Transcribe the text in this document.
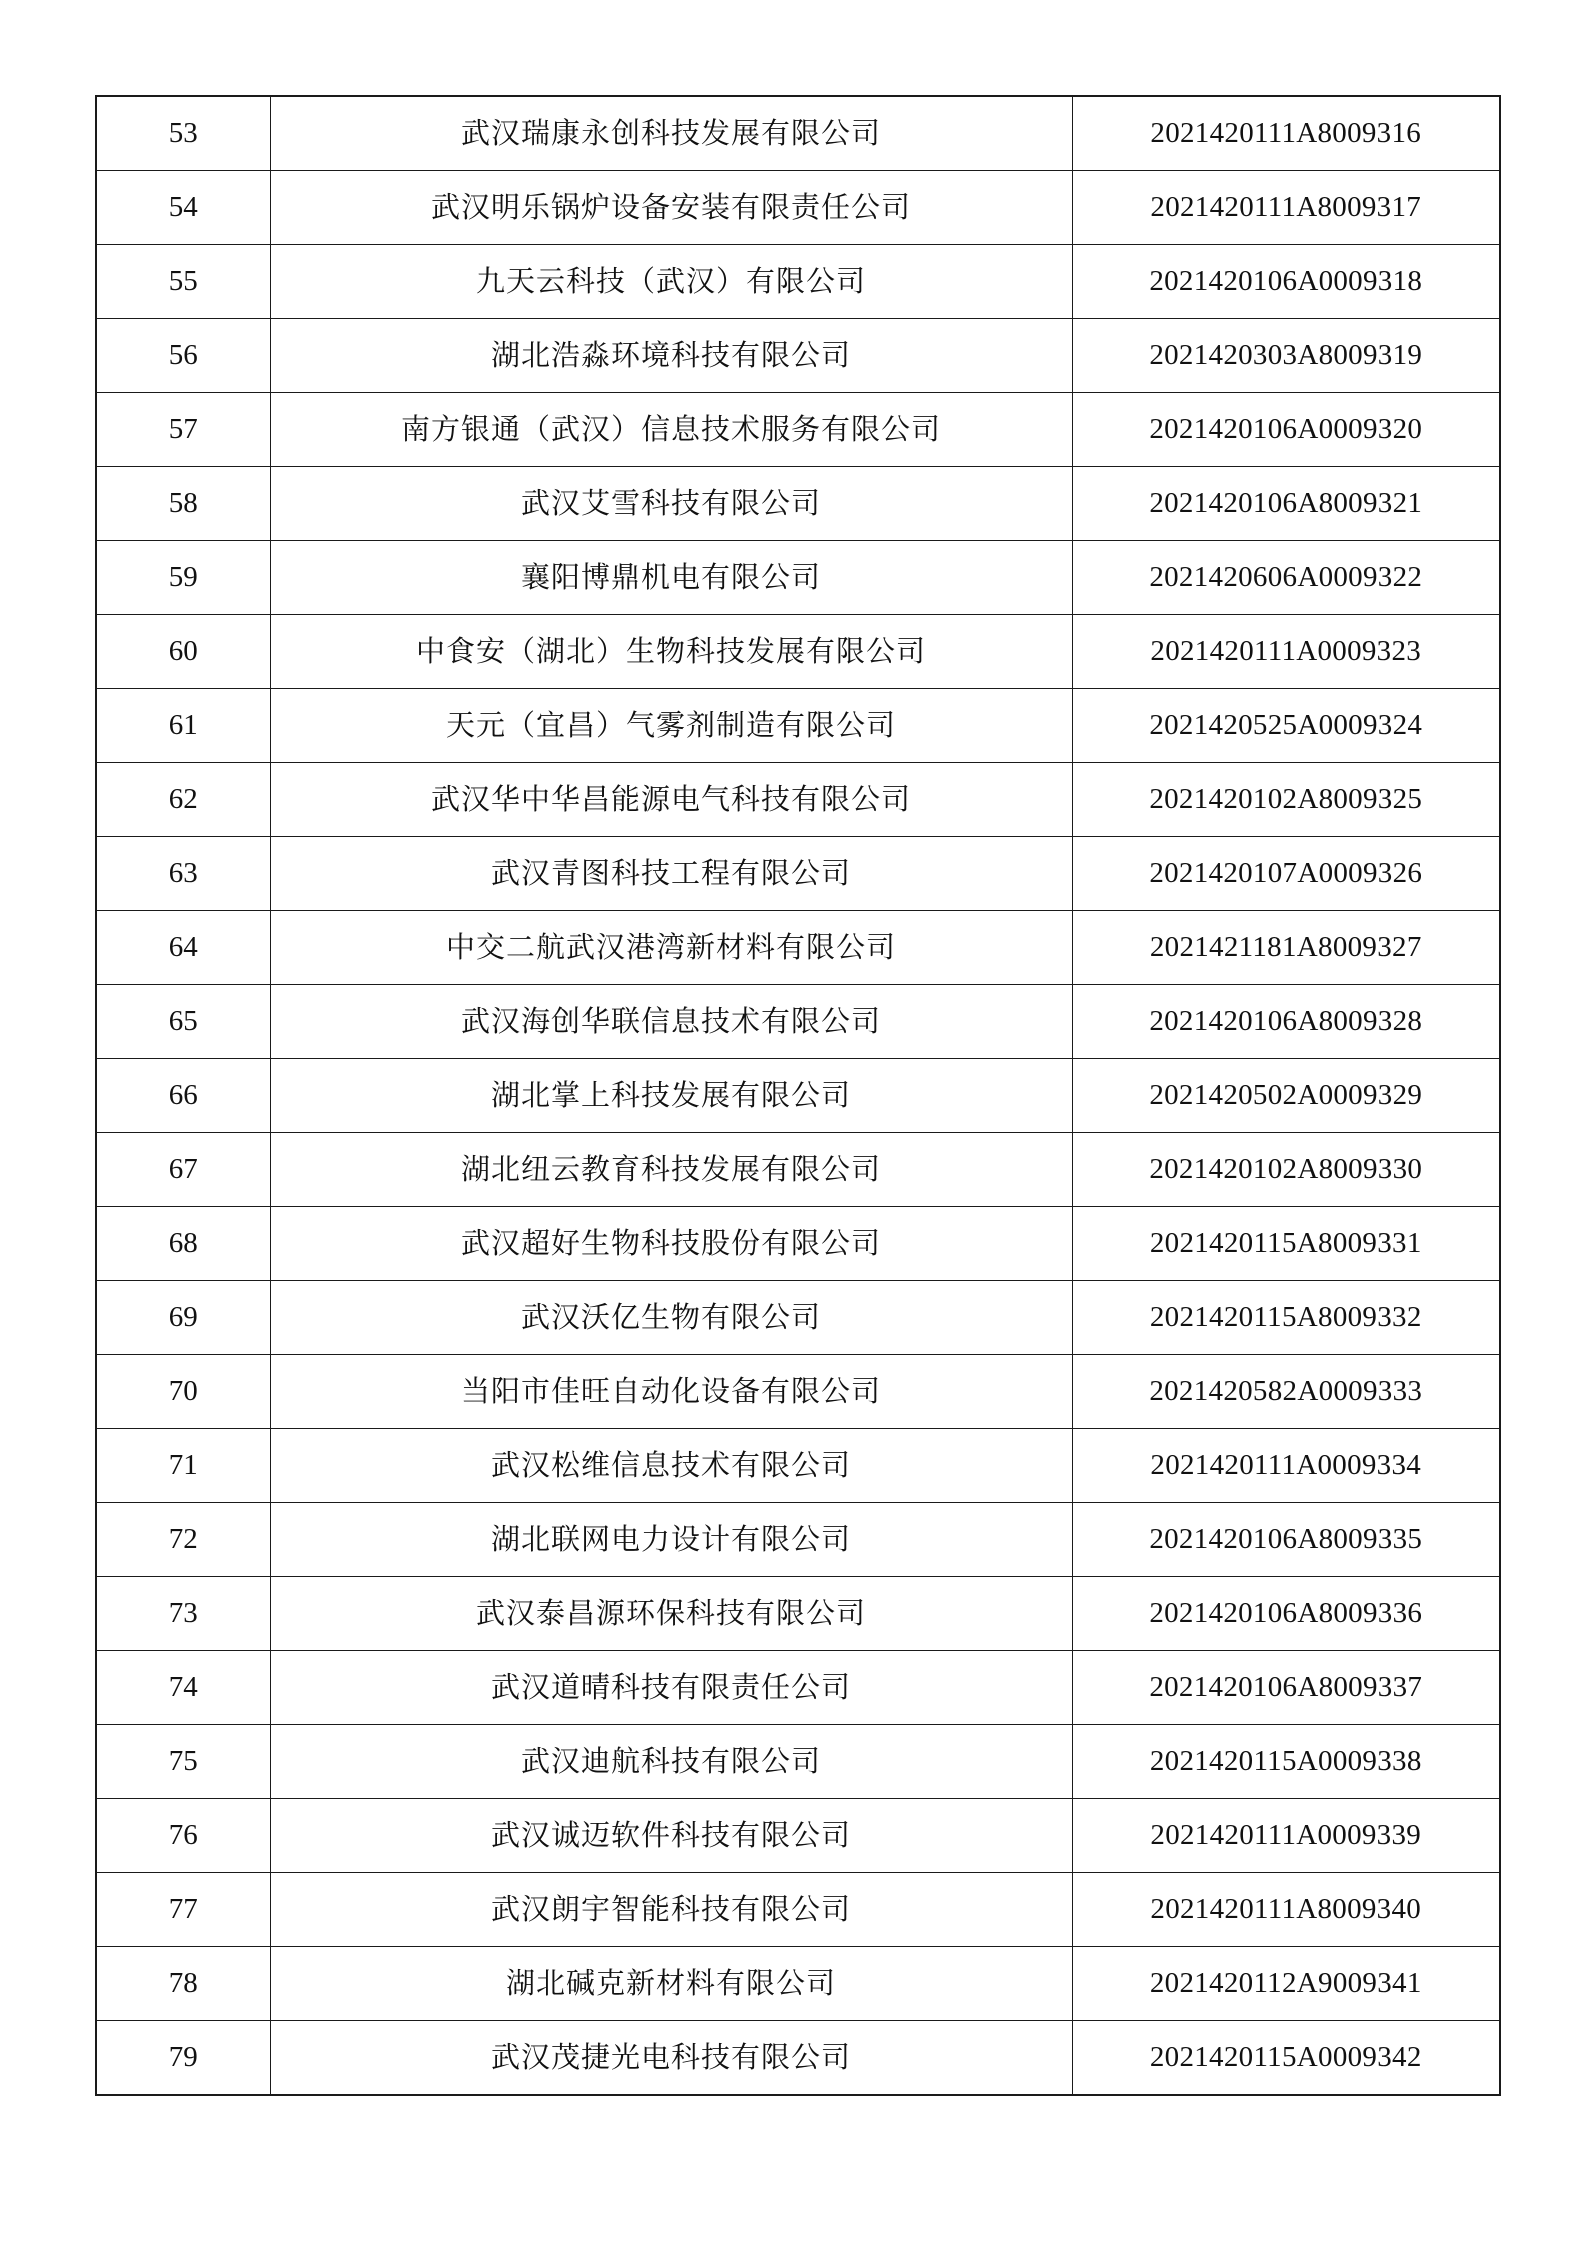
53	武汉瑞康永创科技发展有限公司	2021420111A8009316
54	武汉明乐锅炉设备安装有限责任公司	2021420111A8009317
55	九天云科技（武汉）有限公司	2021420106A0009318
56	湖北浩淼环境科技有限公司	2021420303A8009319
57	南方银通（武汉）信息技术服务有限公司	2021420106A0009320
58	武汉艾雪科技有限公司	2021420106A8009321
59	襄阳博鼎机电有限公司	2021420606A0009322
60	中食安（湖北）生物科技发展有限公司	2021420111A0009323
61	天元（宜昌）气雾剂制造有限公司	2021420525A0009324
62	武汉华中华昌能源电气科技有限公司	2021420102A8009325
63	武汉青图科技工程有限公司	2021420107A0009326
64	中交二航武汉港湾新材料有限公司	2021421181A8009327
65	武汉海创华联信息技术有限公司	2021420106A8009328
66	湖北掌上科技发展有限公司	2021420502A0009329
67	湖北纽云教育科技发展有限公司	2021420102A8009330
68	武汉超好生物科技股份有限公司	2021420115A8009331
69	武汉沃亿生物有限公司	2021420115A8009332
70	当阳市佳旺自动化设备有限公司	2021420582A0009333
71	武汉松维信息技术有限公司	2021420111A0009334
72	湖北联网电力设计有限公司	2021420106A8009335
73	武汉泰昌源环保科技有限公司	2021420106A8009336
74	武汉道晴科技有限责任公司	2021420106A8009337
75	武汉迪航科技有限公司	2021420115A0009338
76	武汉诚迈软件科技有限公司	2021420111A0009339
77	武汉朗宇智能科技有限公司	2021420111A8009340
78	湖北碱克新材料有限公司	2021420112A9009341
79	武汉茂捷光电科技有限公司	2021420115A0009342
